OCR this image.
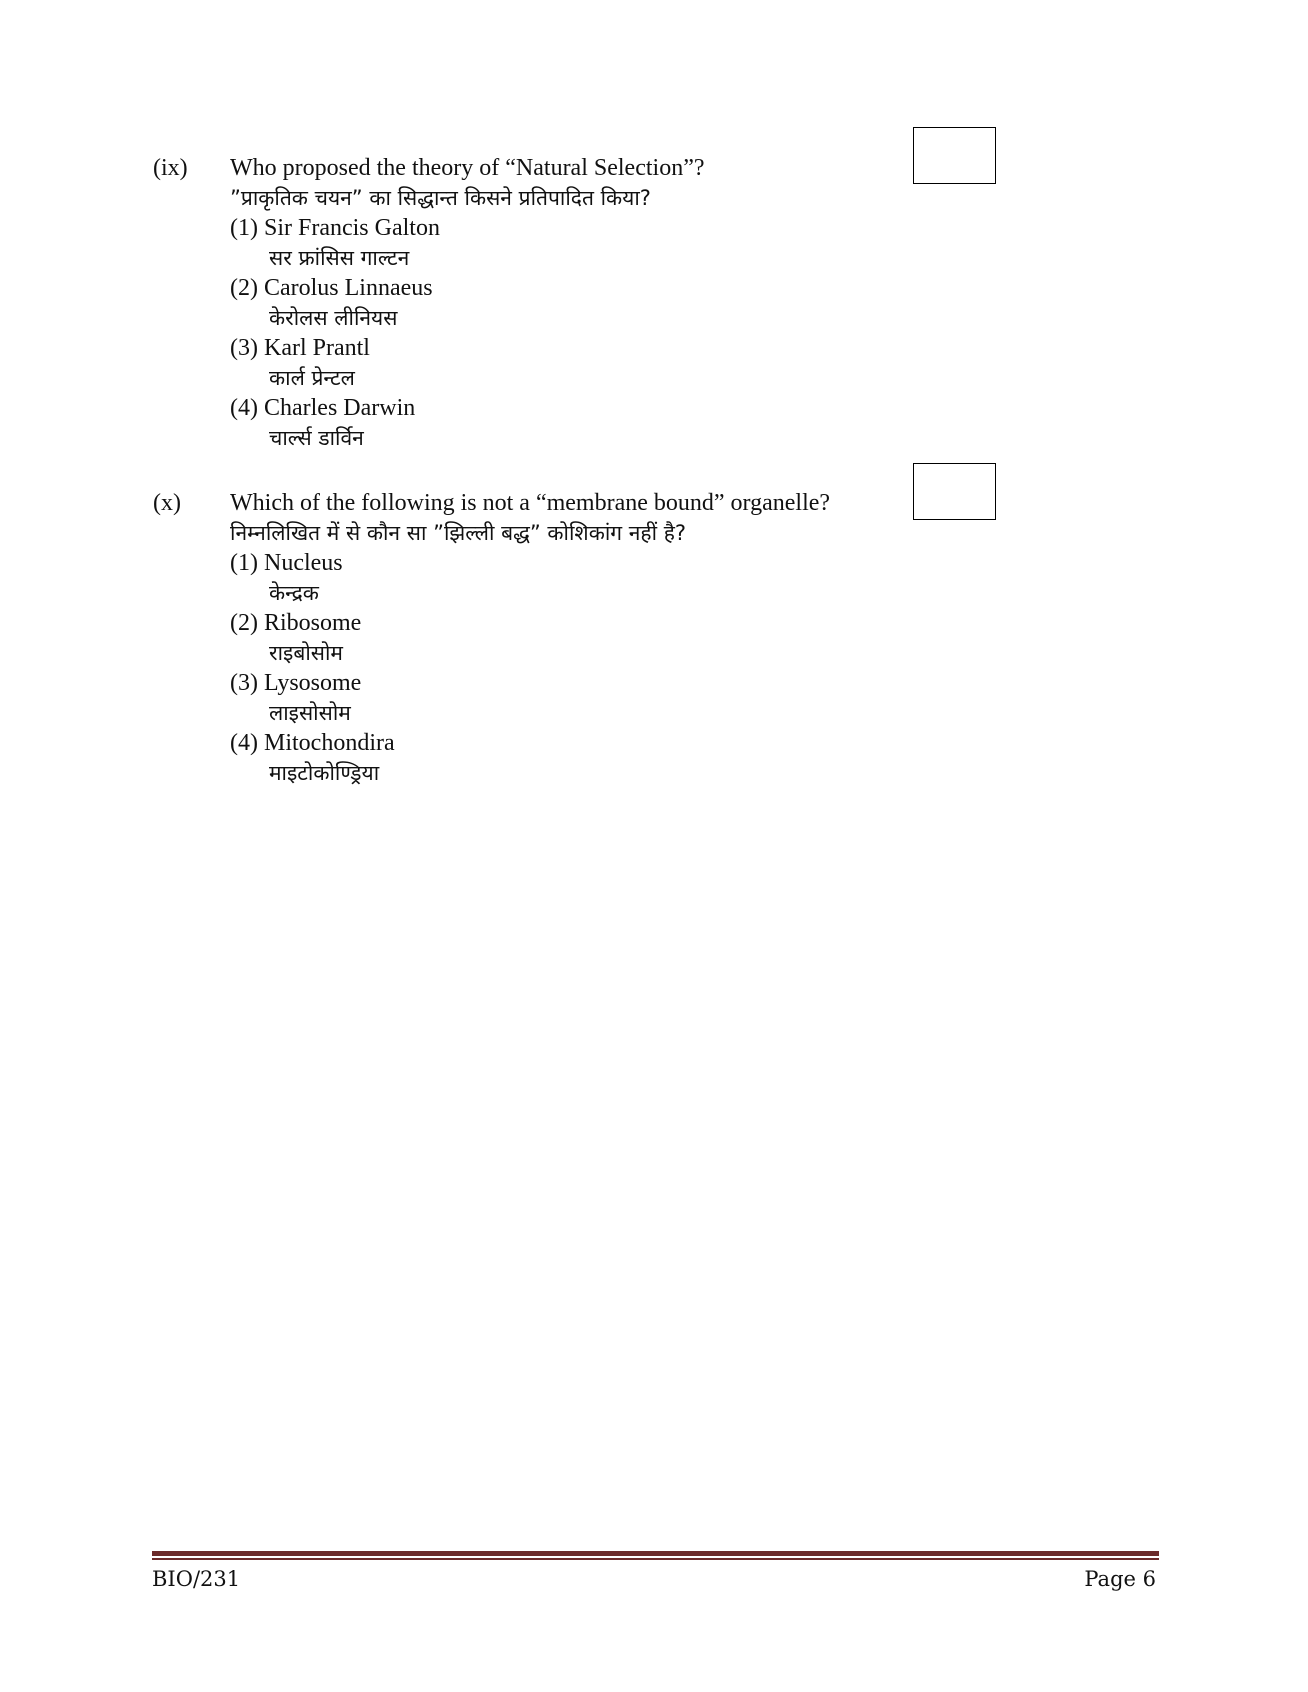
(ix) Who proposed the theory of “Natural Selection”?
”प्राकृतिक चयन” का सिद्धान्त किसने प्रतिपादित किया?
(1) Sir Francis Galton
सर फ्रांसिस गाल्टन
(2) Carolus Linnaeus
केरोलस लीनियस
(3) Karl Prantl
कार्ल प्रेन्टल
(4) Charles Darwin
चार्ल्स डार्विन
(x) Which of the following is not a “membrane bound” organelle?
निम्नलिखित में से कौन सा ”झिल्ली बद्ध” कोशिकांग नहीं है?
(1) Nucleus
केन्द्रक
(2) Ribosome
राइबोसोम
(3) Lysosome
लाइसोसोम
(4) Mitochondira
माइटोकोण्ड्रिया
BIO/231	Page 6
